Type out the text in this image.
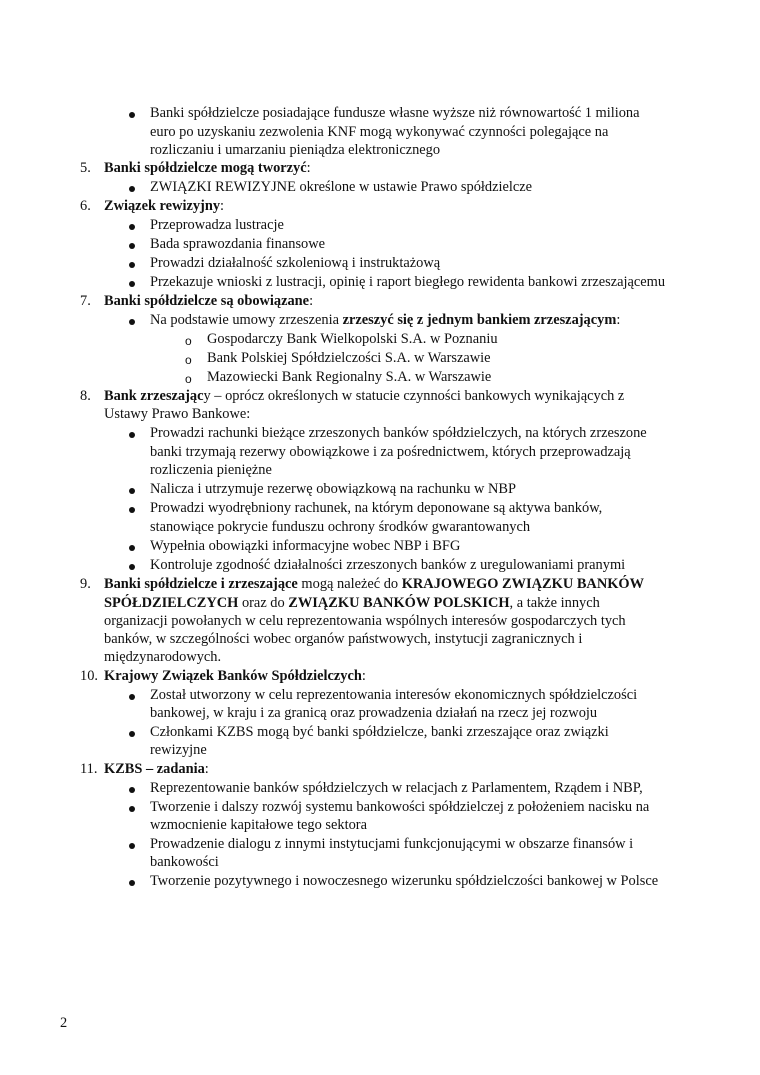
Banki spółdzielcze posiadające fundusze własne wyższe niż równowartość 1 miliona
euro po uzyskaniu zezwolenia KNF mogą wykonywać czynności polegające na
rozliczaniu i umarzaniu pieniądza elektronicznego
5. Banki spółdzielcze mogą tworzyć:
ZWIĄZKI REWIZYJNE określone w ustawie Prawo spółdzielcze
6. Związek rewizyjny:
Przeprowadza lustracje
Bada sprawozdania finansowe
Prowadzi działalność szkoleniową i instruktażową
Przekazuje wnioski z lustracji, opinię i raport biegłego rewidenta bankowi zrzeszającemu
7. Banki spółdzielcze są obowiązane:
Na podstawie umowy zrzeszenia zrzeszyć się z jednym bankiem zrzeszającym:
o Gospodarczy Bank Wielkopolski S.A. w Poznaniu
o Bank Polskiej Spółdzielczości S.A. w Warszawie
o Mazowiecki Bank Regionalny S.A. w Warszawie
8. Bank zrzeszający – oprócz określonych w statucie czynności bankowych wynikających z
Ustawy Prawo Bankowe:
Prowadzi rachunki bieżące zrzeszonych banków spółdzielczych, na których zrzeszone
banki trzymają rezerwy obowiązkowe i za pośrednictwem, których przeprowadzają
rozliczenia pieniężne
Nalicza i utrzymuje rezerwę obowiązkową na rachunku w NBP
Prowadzi wyodrębniony rachunek, na którym deponowane są aktywa banków,
stanowiące pokrycie funduszu ochrony środków gwarantowanych
Wypełnia obowiązki informacyjne wobec NBP i BFG
Kontroluje zgodność działalności zrzeszonych banków z uregulowaniami pranymi
9. Banki spółdzielcze i zrzeszające mogą należeć do KRAJOWEGO ZWIĄZKU BANKÓW
SPÓŁDZIELCZYCH oraz do ZWIĄZKU BANKÓW POLSKICH, a także innych
organizacji powołanych w celu reprezentowania wspólnych interesów gospodarczych tych
banków, w szczególności wobec organów państwowych, instytucji zagranicznych i
międzynarodowych.
10. Krajowy Związek Banków Spółdzielczych:
Został utworzony w celu reprezentowania interesów ekonomicznych spółdzielczości
bankowej, w kraju i za granicą oraz prowadzenia działań na rzecz jej rozwoju
Członkami KZBS mogą być banki spółdzielcze, banki zrzeszające oraz związki
rewizyjne
11. KZBS – zadania:
Reprezentowanie banków spółdzielczych w relacjach z Parlamentem, Rządem i NBP,
Tworzenie i dalszy rozwój systemu bankowości spółdzielczej z położeniem nacisku na
wzmocnienie kapitałowe tego sektora
Prowadzenie dialogu z innymi instytucjami funkcjonującymi w obszarze finansów i
bankowości
Tworzenie pozytywnego i nowoczesnego wizerunku spółdzielczości bankowej w Polsce
2
